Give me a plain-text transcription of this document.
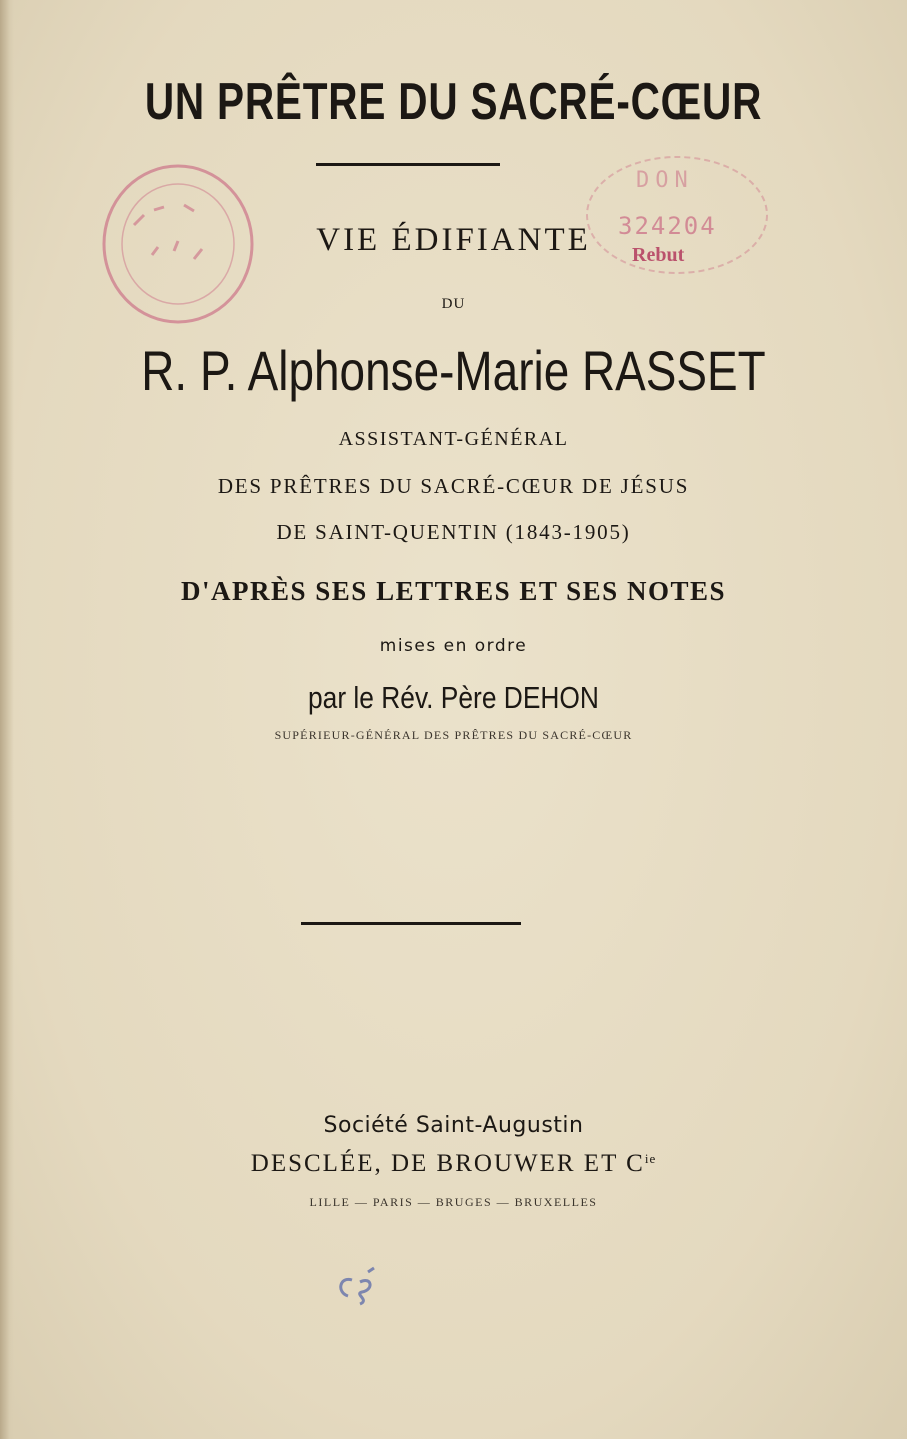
UN PRÊTRE DU SACRÉ-CŒUR
VIE ÉDIFIANTE
DU
R. P. Alphonse-Marie RASSET
ASSISTANT-GÉNÉRAL
DES PRÊTRES DU SACRÉ-CŒUR DE JÉSUS
DE SAINT-QUENTIN (1843-1905)
D'APRÈS SES LETTRES ET SES NOTES
mises en ordre
par le Rév. Père DEHON
SUPÉRIEUR-GÉNÉRAL DES PRÊTRES DU SACRÉ-CŒUR
Société Saint-Augustin
DESCLÉE, DE BROUWER ET $C^{ie}$
LILLE — PARIS — BRUGES — BRUXELLES
DON
324204
Rebut
